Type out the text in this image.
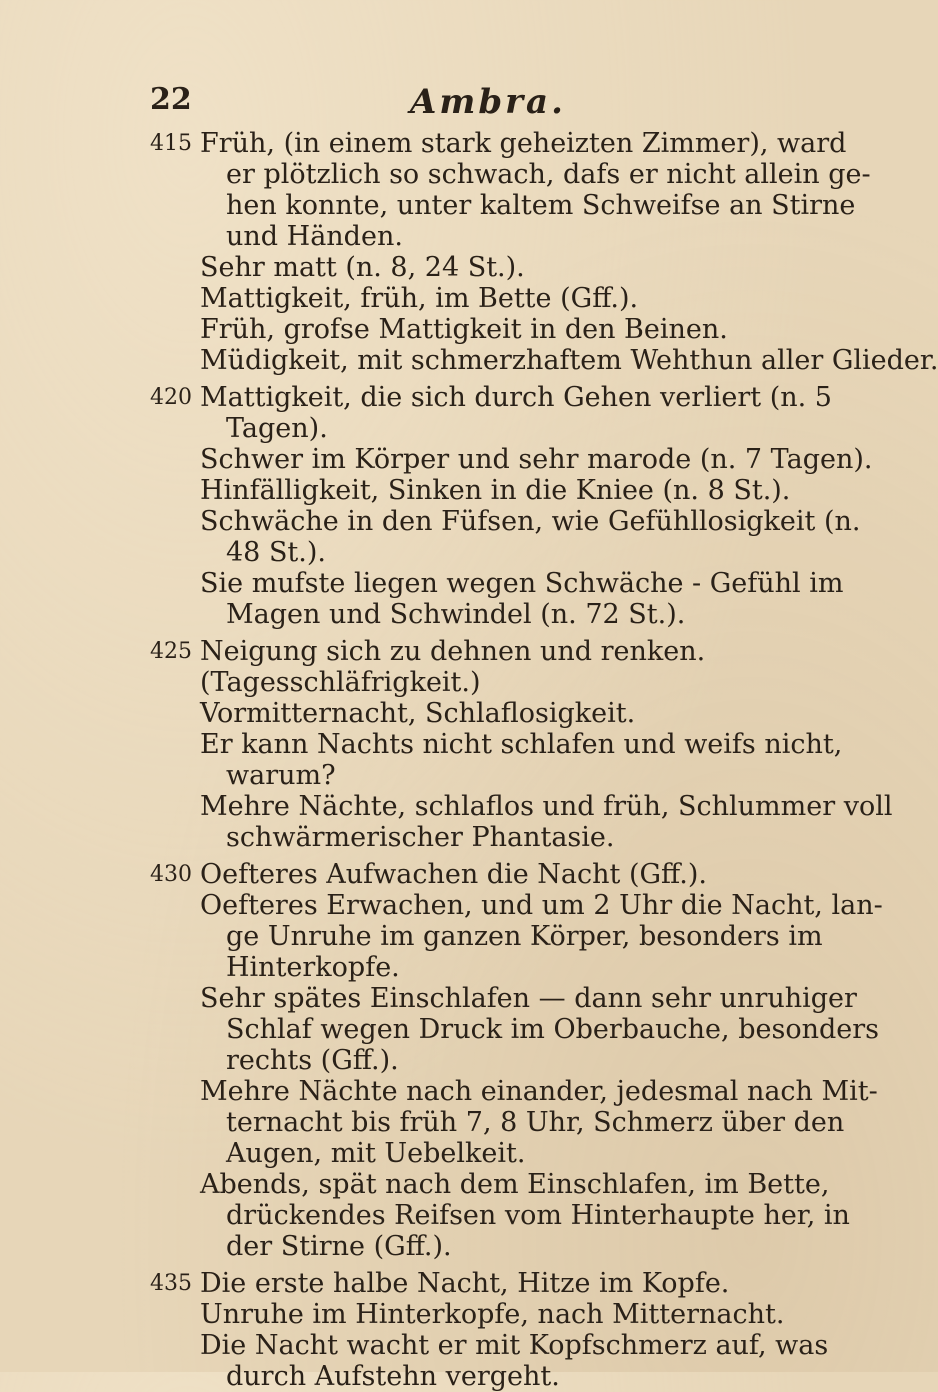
22	Ambra.
415 Früh, (in einem stark geheizten Zimmer), ward
er plötzlich so schwach, dafs er nicht allein ge-
hen konnte, unter kaltem Schweifse an Stirne
und Händen.
Sehr matt (n. 8, 24 St.).
Mattigkeit, früh, im Bette (Gff.).
Früh, grofse Mattigkeit in den Beinen.
Müdigkeit, mit schmerzhaftem Wehthun aller Glieder.
420 Mattigkeit, die sich durch Gehen verliert (n. 5
Tagen).
Schwer im Körper und sehr marode (n. 7 Tagen).
Hinfälligkeit, Sinken in die Kniee (n. 8 St.).
Schwäche in den Füfsen, wie Gefühllosigkeit (n.
48 St.).
Sie mufste liegen wegen Schwäche - Gefühl im
Magen und Schwindel (n. 72 St.).
425 Neigung sich zu dehnen und renken.
(Tagesschläfrigkeit.)
Vormitternacht, Schlaflosigkeit.
Er kann Nachts nicht schlafen und weifs nicht,
warum?
Mehre Nächte, schlaflos und früh, Schlummer voll
schwärmerischer Phantasie.
430 Oefteres Aufwachen die Nacht (Gff.).
Oefteres Erwachen, und um 2 Uhr die Nacht, lan-
ge Unruhe im ganzen Körper, besonders im
Hinterkopfe.
Sehr spätes Einschlafen — dann sehr unruhiger
Schlaf wegen Druck im Oberbauche, besonders
rechts (Gff.).
Mehre Nächte nach einander, jedesmal nach Mit-
ternacht bis früh 7, 8 Uhr, Schmerz über den
Augen, mit Uebelkeit.
Abends, spät nach dem Einschlafen, im Bette,
drückendes Reifsen vom Hinterhaupte her, in
der Stirne (Gff.).
435 Die erste halbe Nacht, Hitze im Kopfe.
Unruhe im Hinterkopfe, nach Mitternacht.
Die Nacht wacht er mit Kopfschmerz auf, was
durch Aufstehn vergeht.
